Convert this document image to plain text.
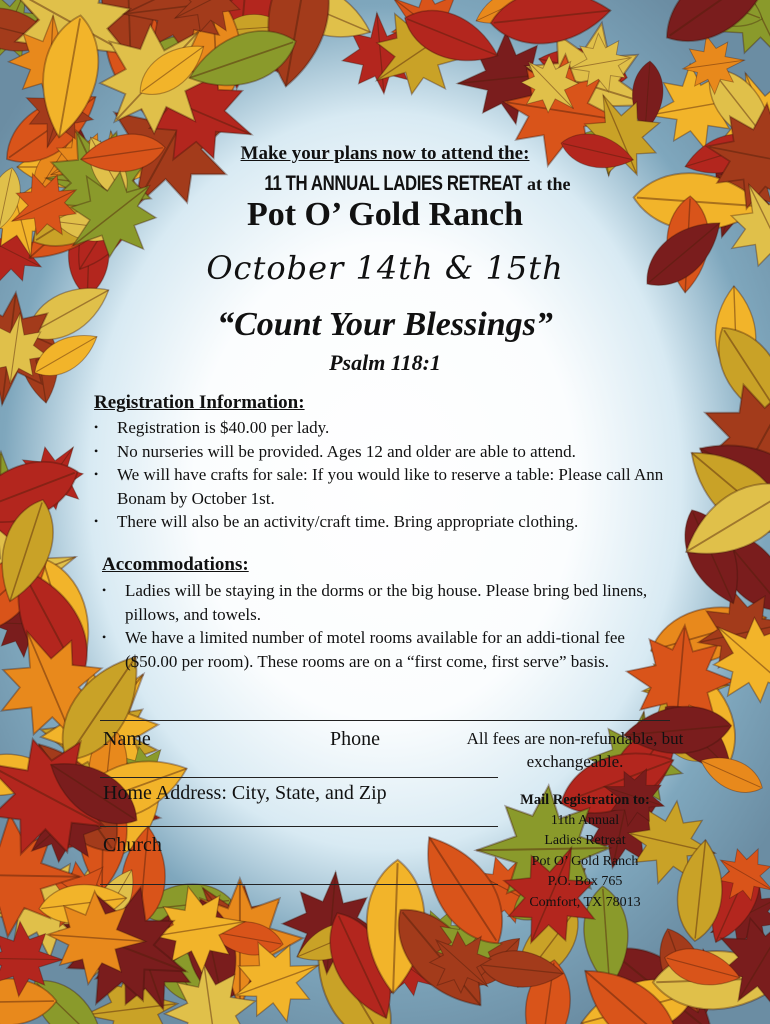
Make your plans now to attend the:
11 TH ANNUAL LADIES RETREAT at the
Pot O’ Gold Ranch
October 14th & 15th
“Count Your Blessings”
Psalm 118:1
Registration Information:
• Registration is $40.00 per lady.
• No nurseries will be provided. Ages 12 and older are able to attend.
• We will have crafts for sale: If you would like to reserve a table: Please call Ann Bonam by October 1st.
• There will also be an activity/craft time. Bring appropriate clothing.
Accommodations:
• Ladies will be staying in the dorms or the big house. Please bring bed linens, pillows, and towels.
• We have a limited number of motel rooms available for an addi-tional fee ($50.00 per room). These rooms are on a “first come, first serve” basis.
Name	Phone
Home Address: City, State, and Zip
Church
All fees are non-refundable, but exchangeable.
Mail Registration to:
11th Annual
Ladies Retreat
Pot O’ Gold Ranch
P.O. Box 765
Comfort, TX 78013
